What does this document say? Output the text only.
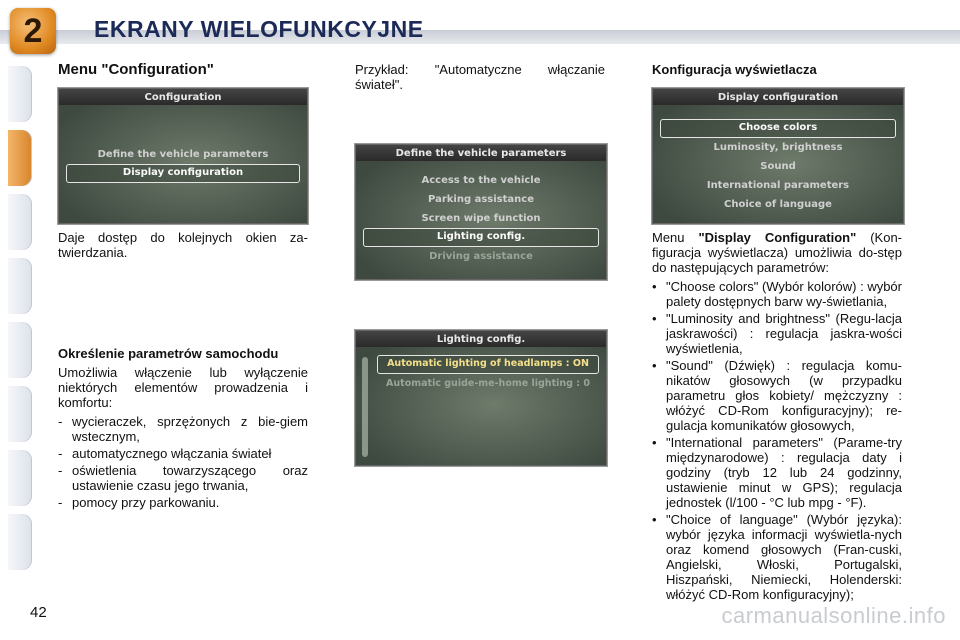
2	EKRANY WIELOFUNKCYJNE
Menu "Configuration"
Configuration
Define the vehicle parameters
Display configuration
Daje dostęp do kolejnych okien za-twierdzania.
Określenie parametrów samochodu
Umożliwia włączenie lub wyłączenie niektórych elementów prowadzenia i komfortu:
- wycieraczek, sprzężonych z bie-giem wstecznym,
- automatycznego włączania świateł
- oświetlenia towarzyszącego oraz ustawienie czasu jego trwania,
- pomocy przy parkowaniu.
Przykład: "Automatyczne włączanie świateł".
Define the vehicle parameters
Access to the vehicle
Parking assistance
Screen wipe function
Lighting config.
Driving assistance
Lighting config.
Automatic lighting of headlamps : ON
Automatic guide-me-home lighting : 0
Konfiguracja wyświetlacza
Display configuration
Choose colors
Luminosity, brightness
Sound
International parameters
Choice of language
Menu "Display Configuration" (Kon-figuracja wyświetlacza) umożliwia do-stęp do następujących parametrów:
• "Choose colors" (Wybór kolorów) : wybór palety dostępnych barw wy-świetlania,
• "Luminosity and brightness" (Regu-lacja jaskrawości) : regulacja jaskra-wości wyświetlenia,
• "Sound" (Dźwięk) : regulacja komu-nikatów głosowych (w przypadku parametru głos kobiety/ mężczyzny : włóżyć CD-Rom konfiguracyjny); re-gulacja komunikatów głosowych,
• "International parameters" (Parame-try międzynarodowe) : regulacja daty i godziny (tryb 12 lub 24 godzinny, ustawienie minut w GPS); regulacja jednostek (l/100 - °C lub mpg - °F).
• "Choice of language" (Wybór języka): wybór języka informacji wyświetla-nych oraz komend głosowych (Fran-cuski, Angielski, Włoski, Portugalski, Hiszpański, Niemiecki, Holenderski: włóżyć CD-Rom konfiguracyjny);
42	carmanualsonline.info
